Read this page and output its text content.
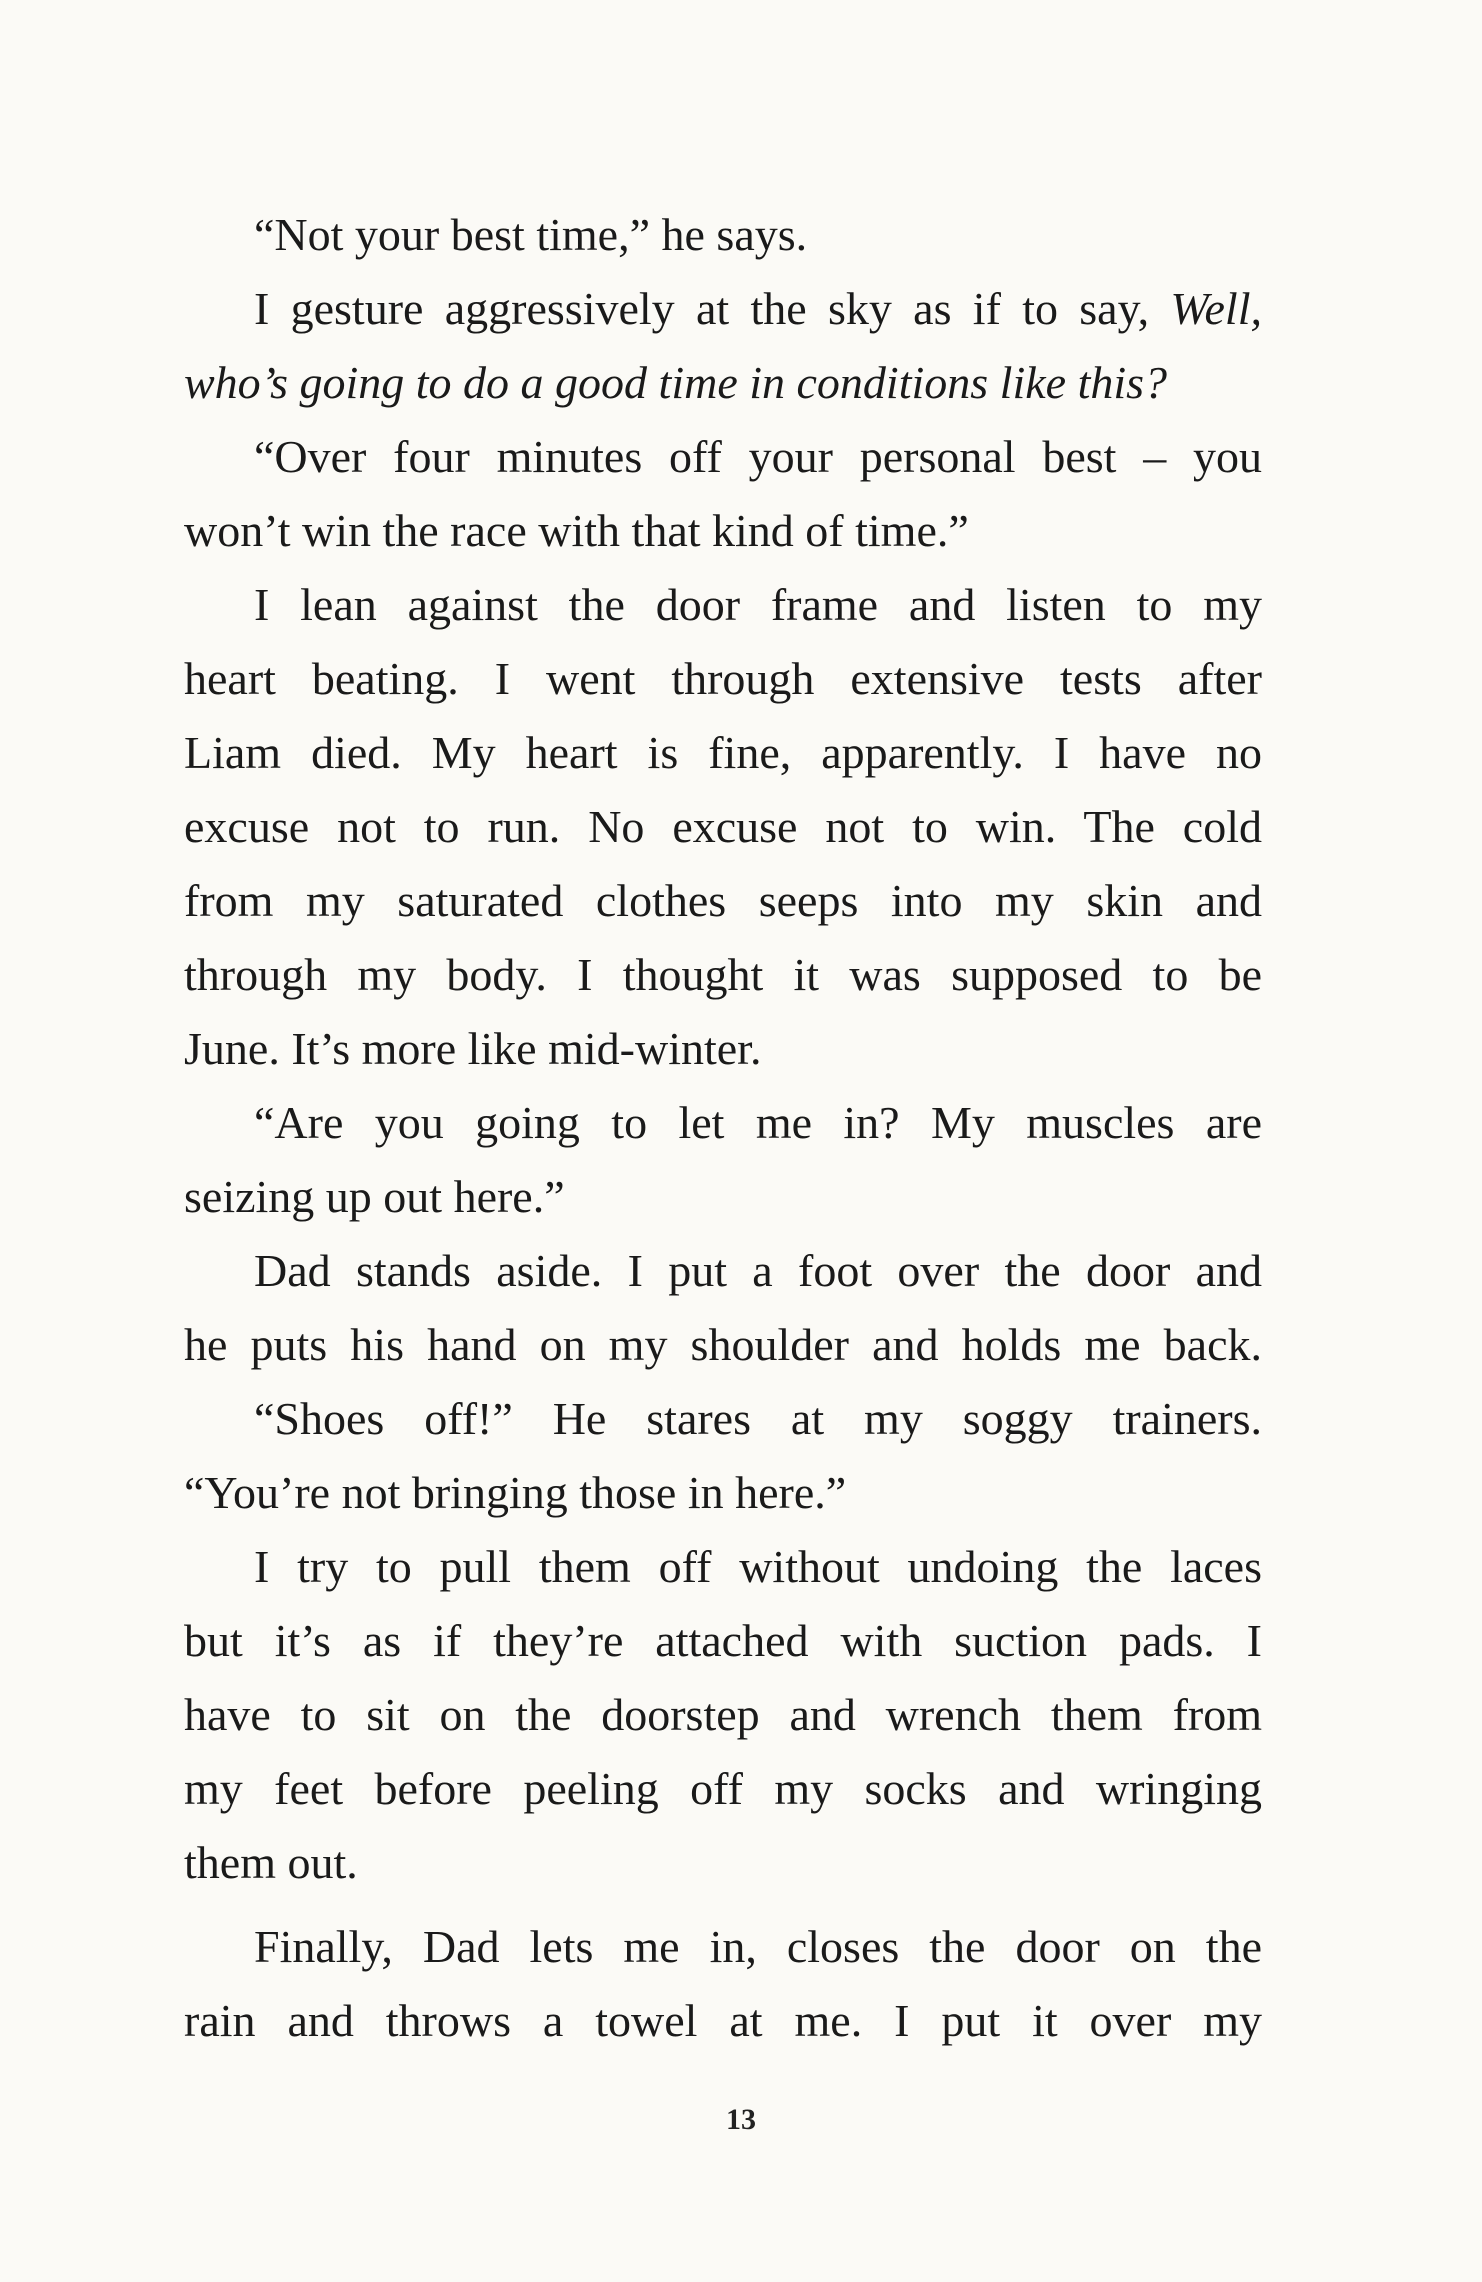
“Not your best time,” he says.
I gesture aggressively at the sky as if to say, Well,
who’s going to do a good time in conditions like this?
“Over four minutes off your personal best – you
won’t win the race with that kind of time.”
I lean against the door frame and listen to my
heart beating. I went through extensive tests after
Liam died. My heart is fine, apparently. I have no
excuse not to run. No excuse not to win. The cold
from my saturated clothes seeps into my skin and
through my body. I thought it was supposed to be
June. It’s more like mid-winter.
“Are you going to let me in? My muscles are
seizing up out here.”
Dad stands aside. I put a foot over the door and
he puts his hand on my shoulder and holds me back.
“Shoes off!” He stares at my soggy trainers.
“You’re not bringing those in here.”
I try to pull them off without undoing the laces
but it’s as if they’re attached with suction pads. I
have to sit on the doorstep and wrench them from
my feet before peeling off my socks and wringing
them out.
Finally, Dad lets me in, closes the door on the
rain and throws a towel at me. I put it over my
13
